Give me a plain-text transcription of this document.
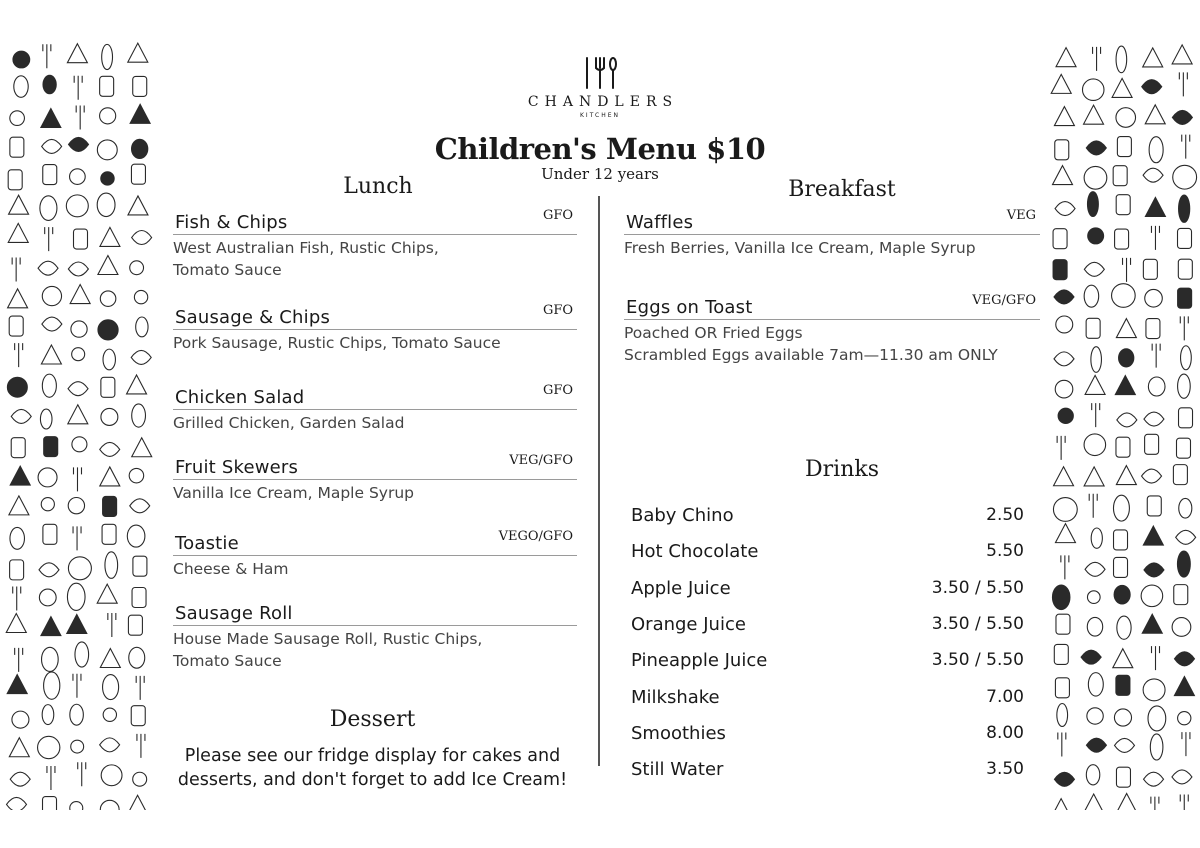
CHANDLERS
KITCHEN
Children's Menu $10
Under 12 years
Lunch
Fish & Chips	GFO
West Australian Fish, Rustic Chips,
Tomato Sauce
Sausage & Chips	GFO
Pork Sausage, Rustic Chips, Tomato Sauce
Chicken Salad	GFO
Grilled Chicken, Garden Salad
Fruit Skewers	VEG/GFO
Vanilla Ice Cream, Maple Syrup
Toastie	VEGO/GFO
Cheese & Ham
Sausage Roll
House Made Sausage Roll, Rustic Chips,
Tomato Sauce
Dessert
Please see our fridge display for cakes and
desserts, and don't forget to add Ice Cream!
Breakfast
Waffles	VEG
Fresh Berries, Vanilla Ice Cream, Maple Syrup
Eggs on Toast	VEG/GFO
Poached OR Fried Eggs
Scrambled Eggs available 7am—11.30 am ONLY
Drinks
Baby Chino	2.50
Hot Chocolate	5.50
Apple Juice	3.50 / 5.50
Orange Juice	3.50 / 5.50
Pineapple Juice	3.50 / 5.50
Milkshake	7.00
Smoothies	8.00
Still Water	3.50
